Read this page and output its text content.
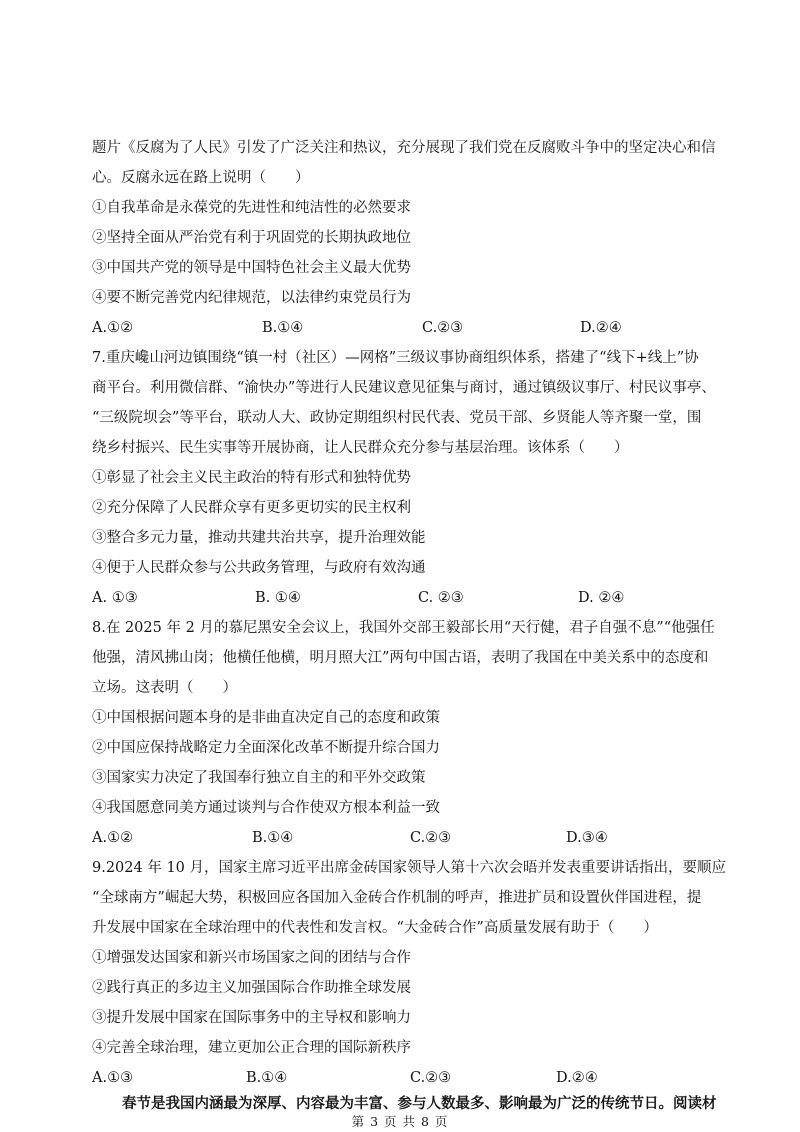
题片《反腐为了人民》引发了广泛关注和热议，充分展现了我们党在反腐败斗争中的坚定决心和信
心。反腐永远在路上说明（　　）
①自我革命是永葆党的先进性和纯洁性的必然要求
②坚持全面从严治党有利于巩固党的长期执政地位
③中国共产党的领导是中国特色社会主义最大优势
④要不断完善党内纪律规范，以法律约束党员行为
A.①②	B.①④	C.②③	D.②④
7.重庆巉山河边镇围绕“镇一村（社区）—网格”三级议事协商组织体系，搭建了“线下+线上”协
商平台。利用微信群、“渝快办”等进行人民建议意见征集与商讨，通过镇级议事厅、村民议事亭、
“三级院坝会”等平台，联动人大、政协定期组织村民代表、党员干部、乡贤能人等齐聚一堂，围
绕乡村振兴、民生实事等开展协商，让人民群众充分参与基层治理。该体系（　　）
①彰显了社会主义民主政治的特有形式和独特优势
②充分保障了人民群众享有更多更切实的民主权利
③整合多元力量，推动共建共治共享，提升治理效能
④便于人民群众参与公共政务管理，与政府有效沟通
A. ①③	B. ①④	C. ②③	D. ②④
8.在 2025 年 2 月的慕尼黑安全会议上，我国外交部王毅部长用“天行健，君子自强不息”“他强任
他强，清风拂山岗；他横任他横，明月照大江”两句中国古语，表明了我国在中美关系中的态度和
立场。这表明（　　）
①中国根据问题本身的是非曲直决定自己的态度和政策
②中国应保持战略定力全面深化改革不断提升综合国力
③国家实力决定了我国奉行独立自主的和平外交政策
④我国愿意同美方通过谈判与合作使双方根本利益一致
A.①②	B.①④	C.②③	D.③④
9.2024 年 10 月，国家主席习近平出席金砖国家领导人第十六次会晤并发表重要讲话指出，要顺应
“全球南方”崛起大势，积极回应各国加入金砖合作机制的呼声，推进扩员和设置伙伴国进程，提
升发展中国家在全球治理中的代表性和发言权。“大金砖合作”高质量发展有助于（　　）
①增强发达国家和新兴市场国家之间的团结与合作
②践行真正的多边主义加强国际合作助推全球发展
③提升发展中国家在国际事务中的主导权和影响力
④完善全球治理，建立更加公正合理的国际新秩序
A.①③	B.①④	C.②③	D.②④
春节是我国内涵最为深厚、内容最为丰富、参与人数最多、影响最为广泛的传统节日。阅读材
第 3 页 共 8 页
